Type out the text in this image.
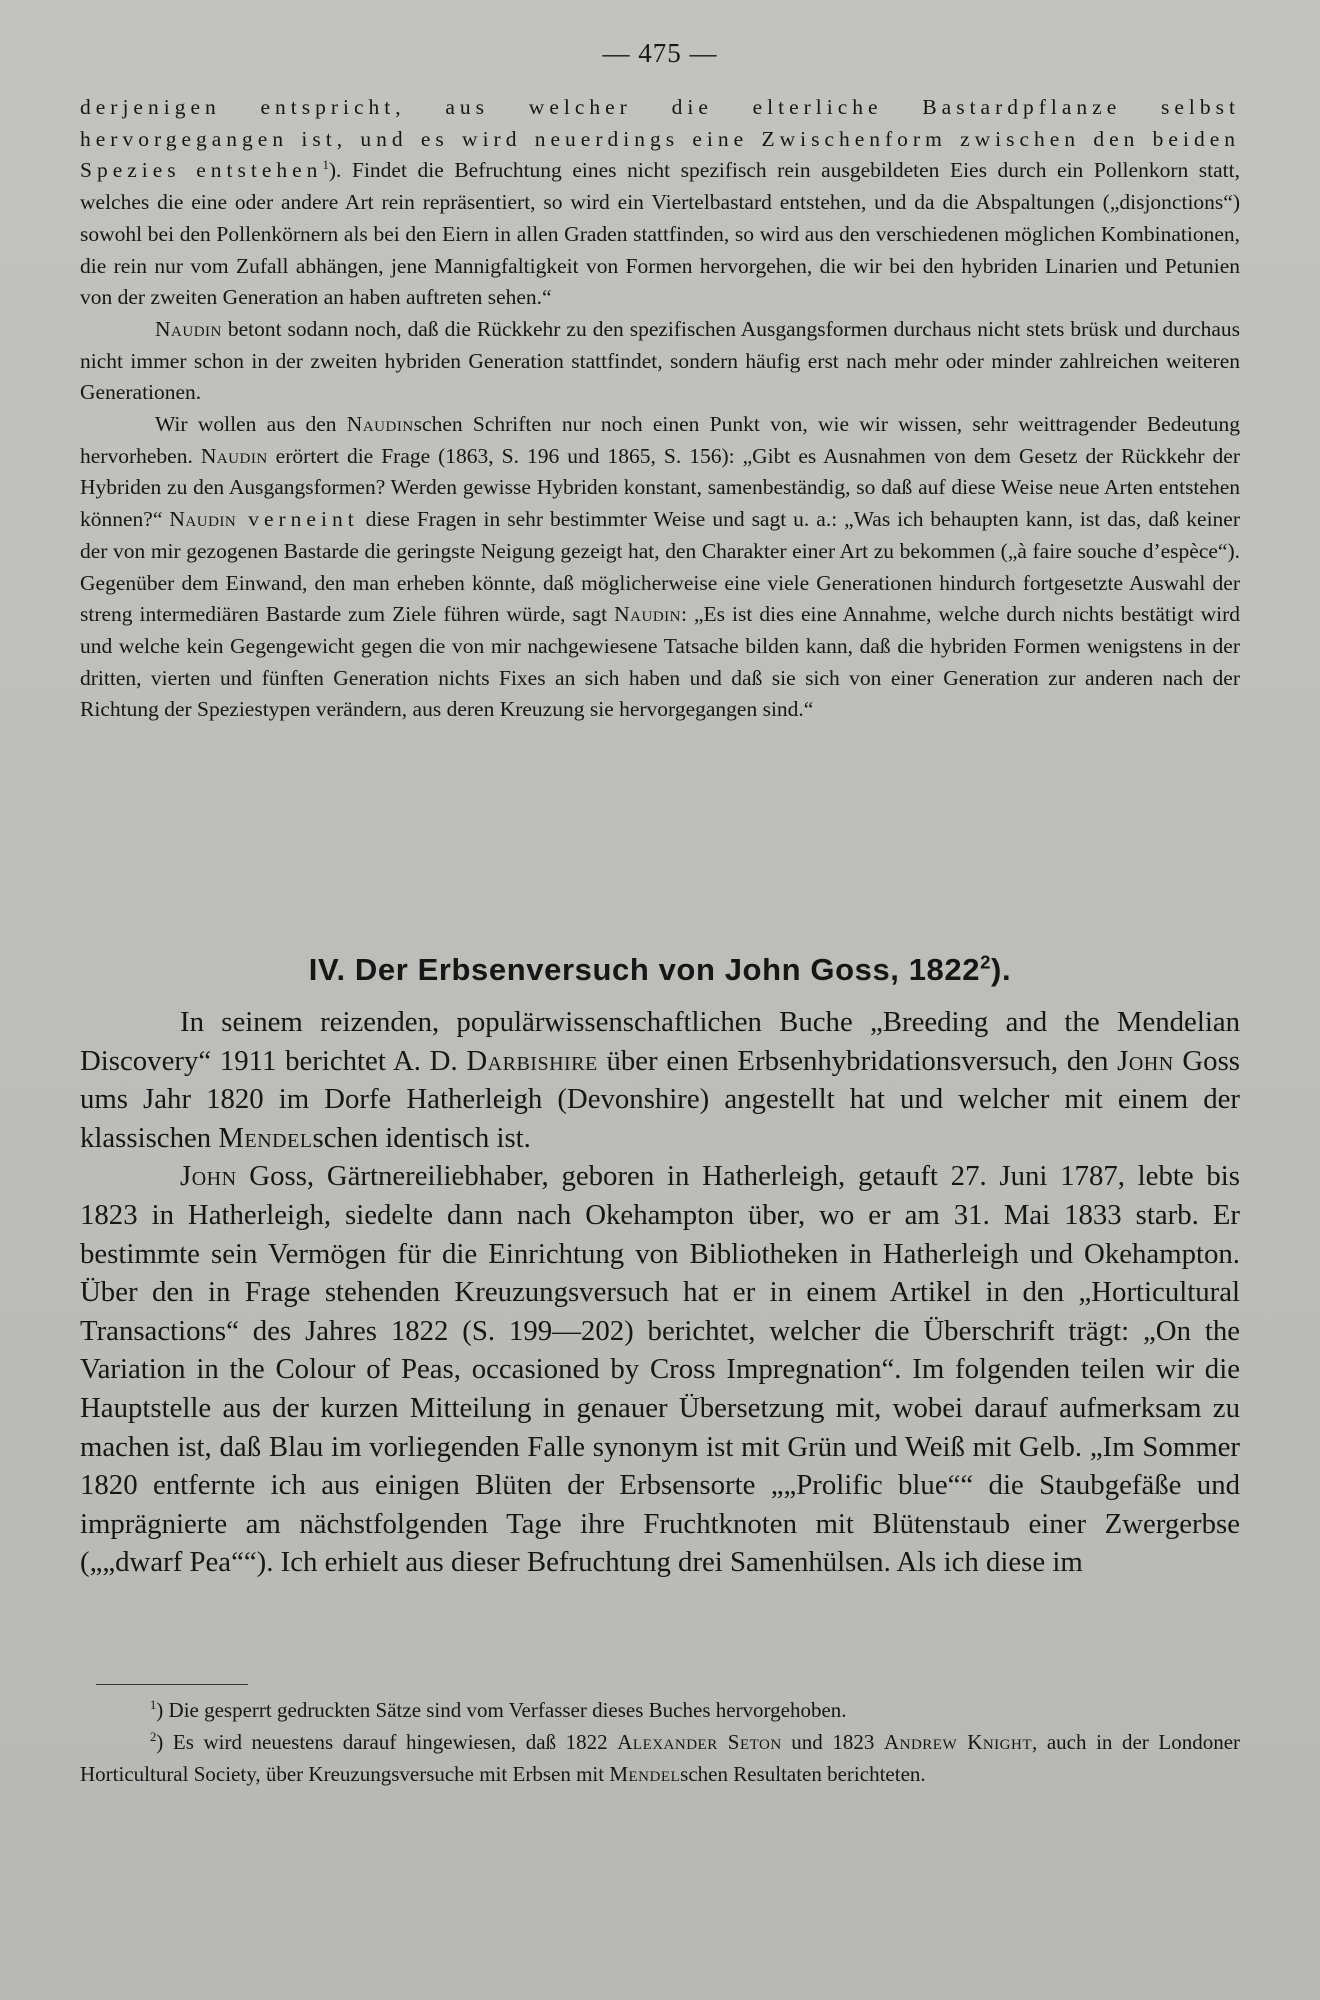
— 475 —

derjenigen entspricht, aus welcher die elterliche Bastardpflanze selbst hervorgegangen ist, und es wird neuerdings eine Zwischenform zwischen den beiden Spezies entstehen$^1$). Findet die Befruchtung eines nicht spezifisch rein ausgebildeten Eies durch ein Pollenkorn statt, welches die eine oder andere Art rein repräsentiert, so wird ein Viertelbastard entstehen, und da die Abspaltungen („disjonctions“) sowohl bei den Pollenkörnern als bei den Eiern in allen Graden stattfinden, so wird aus den verschiedenen möglichen Kombinationen, die rein nur vom Zufall abhängen, jene Mannigfaltigkeit von Formen hervorgehen, die wir bei den hybriden Linarien und Petunien von der zweiten Generation an haben auftreten sehen.“

Naudin betont sodann noch, daß die Rückkehr zu den spezifischen Ausgangsformen durchaus nicht stets brüsk und durchaus nicht immer schon in der zweiten hybriden Generation stattfindet, sondern häufig erst nach mehr oder minder zahlreichen weiteren Generationen.

Wir wollen aus den Naudinschen Schriften nur noch einen Punkt von, wie wir wissen, sehr weittragender Bedeutung hervorheben. Naudin erörtert die Frage (1863, S. 196 und 1865, S. 156): „Gibt es Ausnahmen von dem Gesetz der Rückkehr der Hybriden zu den Ausgangsformen? Werden gewisse Hybriden konstant, samenbeständig, so daß auf diese Weise neue Arten entstehen können?“ Naudin verneint diese Fragen in sehr bestimmter Weise und sagt u. a.: „Was ich behaupten kann, ist das, daß keiner der von mir gezogenen Bastarde die geringste Neigung gezeigt hat, den Charakter einer Art zu bekommen („à faire souche d’espèce“). Gegenüber dem Einwand, den man erheben könnte, daß möglicherweise eine viele Generationen hindurch fortgesetzte Auswahl der streng intermediären Bastarde zum Ziele führen würde, sagt Naudin: „Es ist dies eine Annahme, welche durch nichts bestätigt wird und welche kein Gegengewicht gegen die von mir nachgewiesene Tatsache bilden kann, daß die hybriden Formen wenigstens in der dritten, vierten und fünften Generation nichts Fixes an sich haben und daß sie sich von einer Generation zur anderen nach der Richtung der Speziestypen verändern, aus deren Kreuzung sie hervorgegangen sind.“

IV. Der Erbsenversuch von John Goss, 1822$^2$).

In seinem reizenden, populärwissenschaftlichen Buche „Breeding and the Mendelian Discovery“ 1911 berichtet A. D. Darbishire über einen Erbsenhybridationsversuch, den John Goss ums Jahr 1820 im Dorfe Hatherleigh (Devonshire) angestellt hat und welcher mit einem der klassischen Mendelschen identisch ist.

John Goss, Gärtnereiliebhaber, geboren in Hatherleigh, getauft 27. Juni 1787, lebte bis 1823 in Hatherleigh, siedelte dann nach Okehampton über, wo er am 31. Mai 1833 starb. Er bestimmte sein Vermögen für die Einrichtung von Bibliotheken in Hatherleigh und Okehampton. Über den in Frage stehenden Kreuzungsversuch hat er in einem Artikel in den „Horticultural Transactions“ des Jahres 1822 (S. 199—202) berichtet, welcher die Überschrift trägt: „On the Variation in the Colour of Peas, occasioned by Cross Impregnation“. Im folgenden teilen wir die Hauptstelle aus der kurzen Mitteilung in genauer Übersetzung mit, wobei darauf aufmerksam zu machen ist, daß Blau im vorliegenden Falle synonym ist mit Grün und Weiß mit Gelb. „Im Sommer 1820 entfernte ich aus einigen Blüten der Erbsensorte „„Prolific blue““ die Staubgefäße und imprägnierte am nächstfolgenden Tage ihre Fruchtknoten mit Blütenstaub einer Zwergerbse („„dwarf Pea““). Ich erhielt aus dieser Befruchtung drei Samenhülsen. Als ich diese im

$^1$) Die gesperrt gedruckten Sätze sind vom Verfasser dieses Buches hervorgehoben.

$^2$) Es wird neuestens darauf hingewiesen, daß 1822 Alexander Seton und 1823 Andrew Knight, auch in der Londoner Horticultural Society, über Kreuzungsversuche mit Erbsen mit Mendelschen Resultaten berichteten.
